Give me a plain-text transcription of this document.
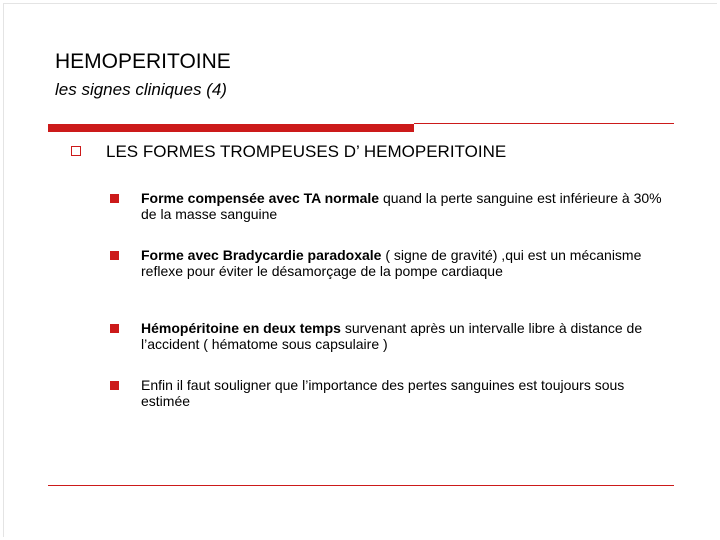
HEMOPERITOINE
les signes cliniques (4)
LES FORMES TROMPEUSES D’ HEMOPERITOINE
Forme compensée avec TA normale quand la perte sanguine est inférieure à 30% de la masse sanguine
Forme avec Bradycardie paradoxale ( signe de gravité) ,qui est un mécanisme reflexe pour éviter le désamorçage de la pompe cardiaque
Hémopéritoine en deux temps survenant après un intervalle libre à distance de l’accident ( hématome sous capsulaire )
Enfin il faut souligner que l’importance des pertes sanguines est toujours sous estimée
